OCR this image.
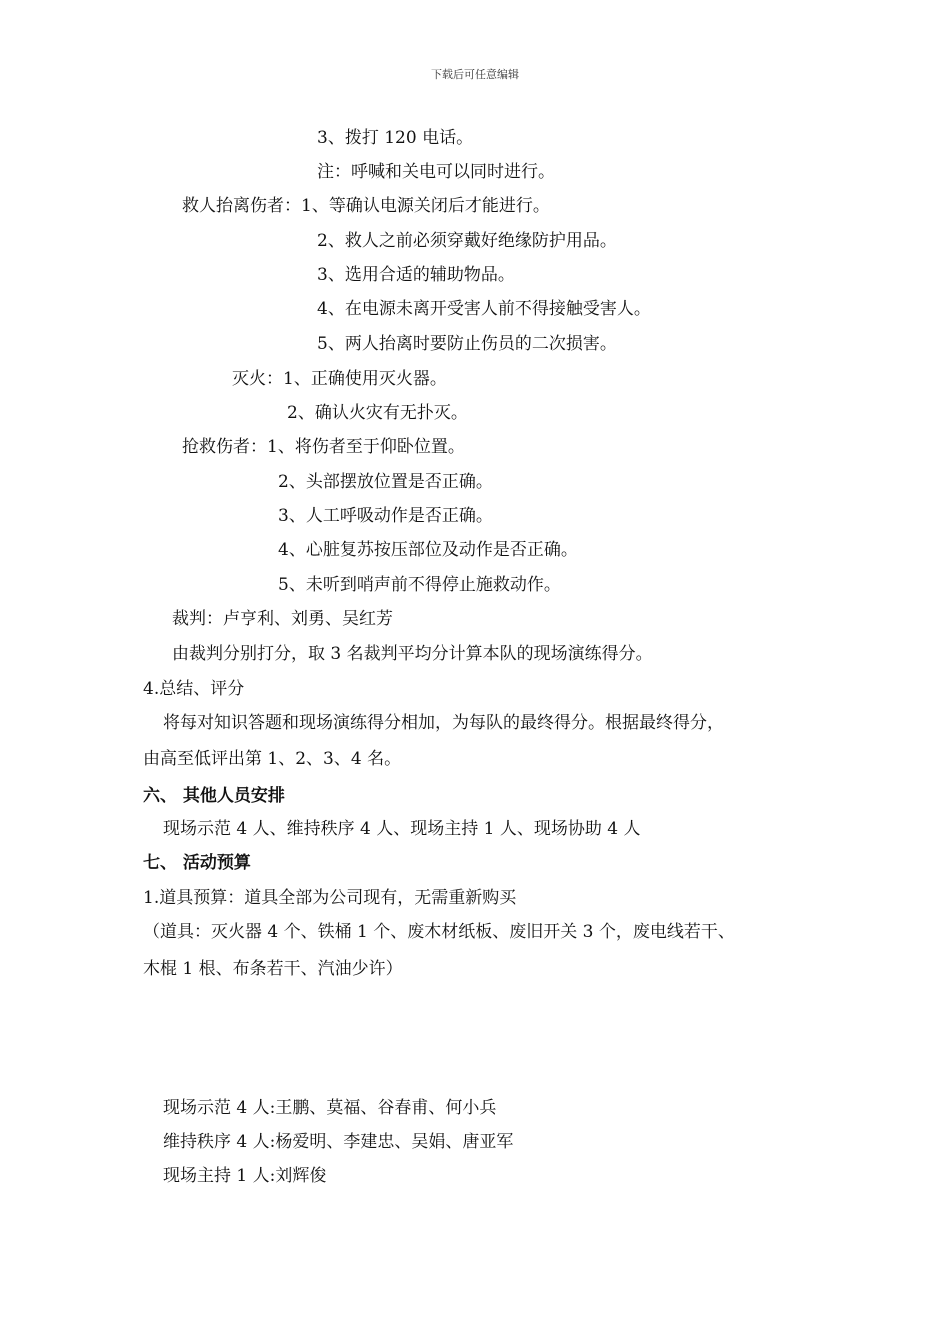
下载后可任意编辑
3、拨打 120 电话。
注：呼喊和关电可以同时进行。
救人抬离伤者：1、等确认电源关闭后才能进行。
2、救人之前必须穿戴好绝缘防护用品。
3、选用合适的辅助物品。
4、在电源未离开受害人前不得接触受害人。
5、两人抬离时要防止伤员的二次损害。
灭火：1、正确使用灭火器。
2、确认火灾有无扑灭。
抢救伤者：1、将伤者至于仰卧位置。
2、头部摆放位置是否正确。
3、人工呼吸动作是否正确。
4、心脏复苏按压部位及动作是否正确。
5、未听到哨声前不得停止施救动作。
裁判：卢亨利、刘勇、吴红芳
由裁判分别打分，取 3 名裁判平均分计算本队的现场演练得分。
4.总结、评分
将每对知识答题和现场演练得分相加，为每队的最终得分。根据最终得分，
由高至低评出第 1、2、3、4 名。
六、 其他人员安排
现场示范 4 人、维持秩序 4 人、现场主持 1 人、现场协助 4 人
七、 活动预算
1.道具预算：道具全部为公司现有，无需重新购买
（道具：灭火器 4 个、铁桶 1 个、废木材纸板、废旧开关 3 个，废电线若干、
木棍 1 根、布条若干、汽油少许）
现场示范 4 人:王鹏、莫福、谷春甫、何小兵
维持秩序 4 人:杨爱明、李建忠、吴娟、唐亚军
现场主持 1 人:刘辉俊
